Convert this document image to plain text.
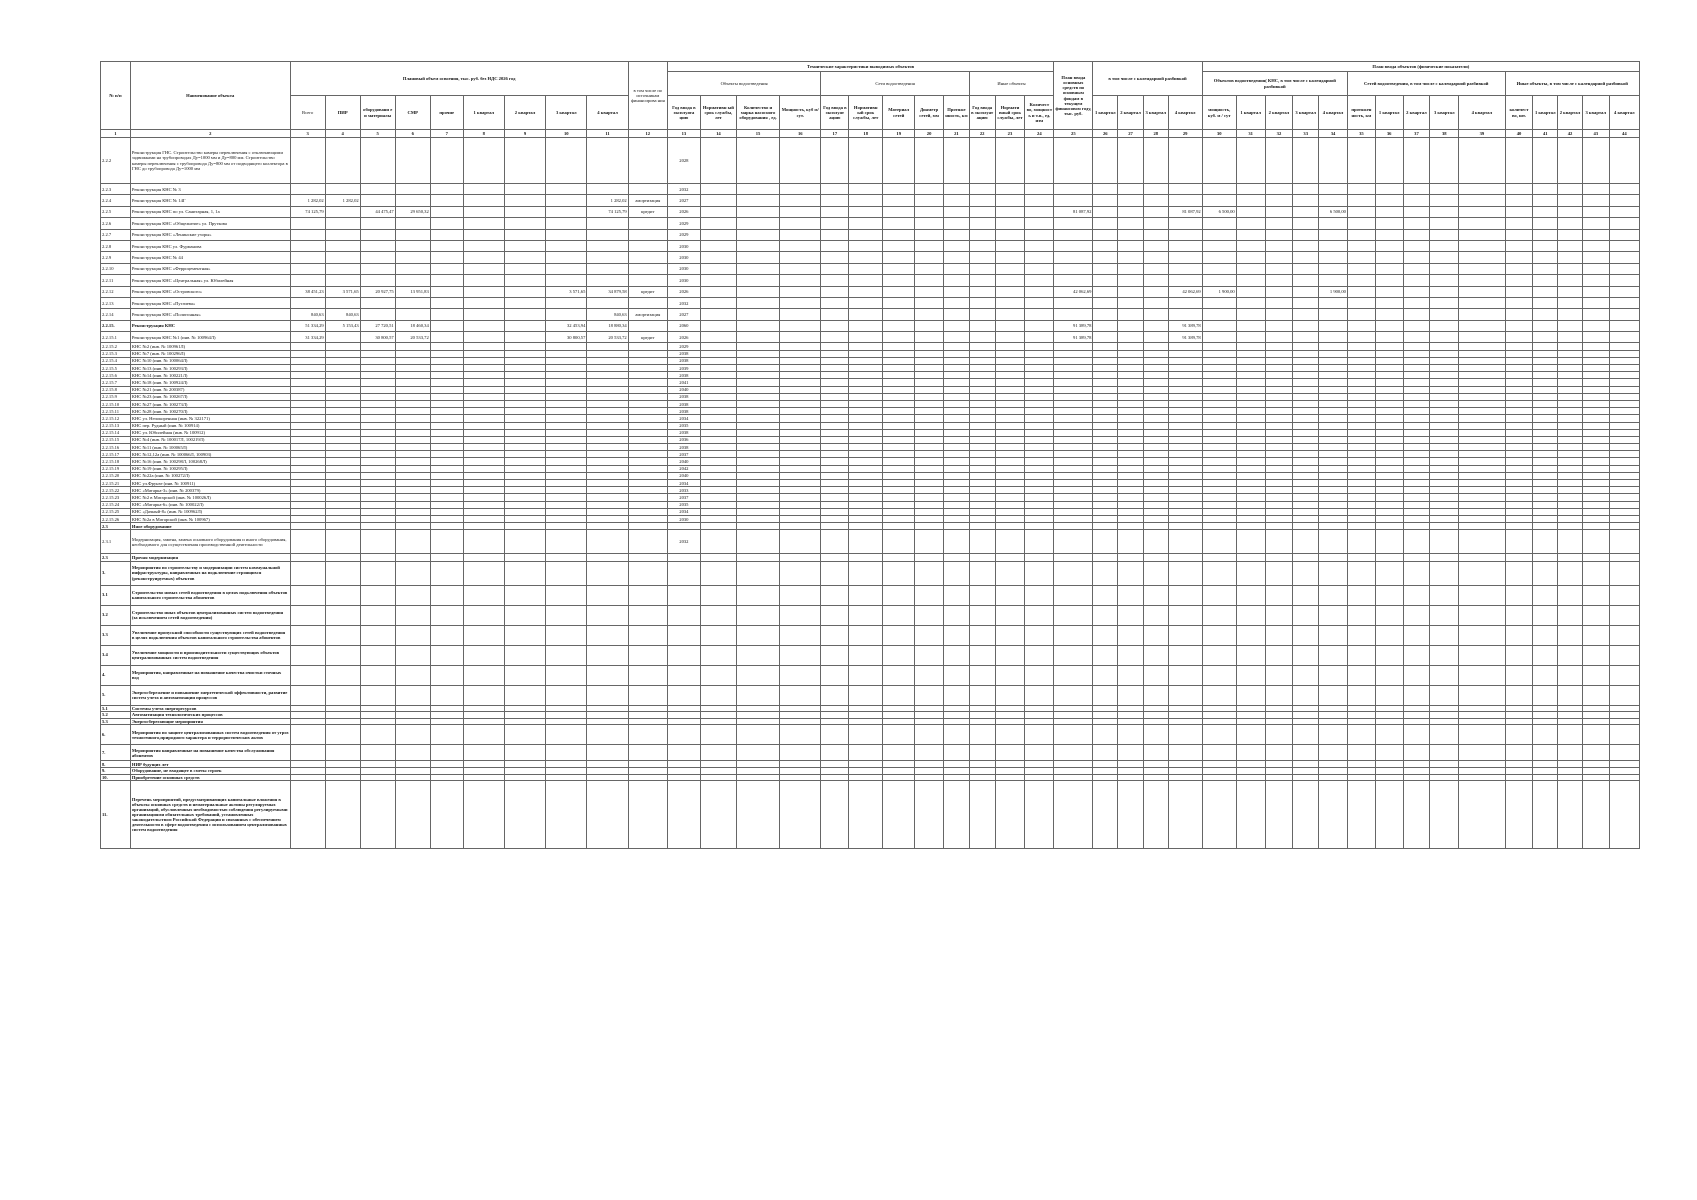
№ п/п	Наименование объекта	Плановый объем освоения, тыс. руб. без НДС 2026 год									в том числе по источникам финансирова ния	Технические характеристики выводимых объектов												План ввода основных средств по основным фондам в текущем финансовом году, тыс. руб.	в том числе с календарной разбивкой				План ввода объектов (физические показатели)														
												Объекты водоотведения				Сети водоотведения					Иные объекты								Объектов водоотведения( КНС, в том числе с календарной разбивкой					Сетей водоотведения, в том числе с календарной разбивкой					Иные объекты, в том числе с календарной разбивкой				
		Всего	ПИР	оборудовани е и материалы	СМР	прочие	1 квартал	2 квартал	3 квартал	4 квартал		Год ввода в эксплуата цию	Нормативн ый срок службы, лет	Количество и марка насосного оборудования , ед.	Мощность, куб м/ сут.	Год ввода в эксплуат ацию	Нормативн ый срок службы, лет	Материал сетей	Диаметр сетей, мм	Протяже нность, км	Год ввода в эксплуат ацию	Нормати вный срок службы, лет	Количест во, мощност ь и т.п., ед. изм		1 квартал	2 квартал	3 квартал	4 квартал	мощность, куб. м / сут	1 квартал	2 квартал	3 квартал	4 квартал	протяжен ность, км	1 квартал	2 квартал	3 квартал	4 квартал	количест во, шт.	1 квартал	2 квартал	3 квартал	4 квартал
1	2	3	4	5	6	7	8	9	10	11	12	13	14	15	16	17	18	19	20	21	22	23	24	25	26	27	28	29	30	31	32	33	34	35	36	37	38	39	40	41	42	43	44
2.2.2	Реконструкция ГНС. Строительство камеры переключения с отключающими задвижками на трубопроводах Ду=1000 мм и Ду=800 мм. Строительство камеры переключения с трубопровода Ду=800 мм от подводящего коллектора в ГНС до трубопровода Ду=1000 мм											2028																															
2.2.3	Реконструкция КНС № 3											2032																															
2.2.4	Реконструкция КНС № 14Г	1 282,02	1 282,02							1 282,02	амортизация	2027																															
2.2.5	Реконструкция КНС по ул. Санитарная, 1, 1а	74 125,79		44 475,47	29 650,32					74 125,79	кредит	2026												81 087,92				81 087,92	6 500,00				6 500,00										
2.2.6	Реконструкция КНС «Общежитие» ул. Пруткова											2029																															
2.2.7	Реконструкция КНС «Ленинские узоры»											2029																															
2.2.8	Реконструкция КНС ул. Фурманова											2030																															
2.2.9	Реконструкция КНС № 44											2030																															
2.2.10	Реконструкция КНС «Ферроцементная»											2030																															
2.2.11	Реконструкция КНС «Центральная» ул. Юбилейная											2030																															
2.2.12	Реконструкция КНС «Островского»	38 451,23	3 571,65	20 927,75	13 951,83				3 571,65	34 879,58	кредит	2026												42 062,69				42 062,69	1 900,00				1 900,00										
2.2.13	Реконструкция КНС «Пугачева»											2032																															
2.2.14	Реконструкция КНС «Полигонная»	840,63	840,63							840,63	амортизация	2027																															
2.2.15.	Реконструкция КНС	51 334,29	5 153,43	27 720,51	18 460,34				32 453,94	18 880,34		2060												91 389,78				91 389,78															
2.2.15.1	Реконструкция КНС №1 (инв. № 100964Л)	31 334,29		30 800,57	20 533,72				30 800,57	20 533,72	кредит	2026												91 389,78				91 389,78															
2.2.15.2	КНС №2 (инв. № 100961Л)											2029																															
2.2.15.3	КНС №7 (инв. № 100296Л)											2038																															
2.2.15.4	КНС №10 (инв. № 100064Л)											2038																															
2.2.15.5	КНС №13 (инв. № 100293Л)											2039																															
2.2.15.6	КНС №14 (инв. № 100221Л)											2038																															
2.2.15.7	КНС №18 (инв. № 100924Л)											2041																															
2.2.15.8	КНС №21 (инв. № 200387)											2040																															
2.2.15.9	КНС №23 (инв. № 100267Л)											2038																															
2.2.15.10	КНС №27 (инв. № 100273Л)											2038																															
2.2.15.11	КНС №28 (инв. № 100270Л)											2038																															
2.2.15.12	КНС ул. Непокоренная (инв. № 322171)											2034																															
2.2.15.13	КНС пер. Рудный (инв. № 100914)											2035																															
2.2.15.14	КНС ул. Юбилейная (инв. № 100912)											2038																															
2.2.15.15	КНС №4 (инв. № 100017Л, 100219Л)											2036																															
2.2.15.16	КНС №11 (инв. № 100065Л)											2038																															
2.2.15.17	КНС №12,12а (инв. № 100066Л, 100903)											2037																															
2.2.15.18	КНС №16 (инв. № 100298Л, 100268Л)											2040																															
2.2.15.19	КНС №19 (инв. № 100295Л)											2042																															
2.2.15.20	КНС №22а (инв. № 100272Л)											2040																															
2.2.15.21	КНС ул.Фрунзе (инв. № 100911)											2034																															
2.2.15.22	КНС «Матарка-3» (инв. № 200379)											2033																															
2.2.15.23	КНС №2 в Матарской (инв. № 100026Л)											2037																															
2.2.15.24	КНС «Матарка-6» (инв. № 100022Л)											2035																															
2.2.15.25	КНС «Дачный-8» (инв. № 100962Л)											2034																															
2.2.15.26	КНС №2а в Матарской (инв. № 100967)											2030																															
2.3	Иное оборудование																																										
2.3.1	Модернизация, замена, замена основного оборудования и иного оборудования, необходимого для осуществления производственной деятельности											2032																															
2.3	Прочая модернизация																																										
3.	Мероприятия по строительству и модернизации систем коммунальной инфраструктуры, направленных на подключение строящихся (реконструируемых) объектов																																										
3.1	Строительство новых сетей водоотведения в целях подключения объектов капитального строительства абонентов																																										
3.2	Строительство иных объектов централизованных систем водоотведения (за исключением сетей водоотведения)																																										
3.3	Увеличение пропускной способности существующих сетей водоотведения в целях подключения объектов капитального строительства абонентов																																										
3.4	Увеличение мощности и производительности существующих объектов централизованных систем водоотведения																																										
4.	Мероприятия, направленные на повышение качества очистки сточных вод																																										
5.	Энергосбережение и повышение энергетической эффективности, развитие систем учета и автоматизации процессов																																										
5.1	Системы учета энергоресурсов																																										
5.2	Автоматизация технологических процессов																																										
5.3	Энергосберегающие мероприятия																																										
6.	Мероприятия по защите централизованных систем водоотведения от угроз техногенного,природного характера и террористических актов																																										
7.	Мероприятия направленные на повышение качества обслуживания абонентов																																										
8.	НИР будущих лет																																										
9.	Оборудование, не входящее в сметы строек																																										
10.	Приобретение основных средств																																										
11.	Перечень мероприятий, предусматривающих капитальные вложения в объекты основных средств и нематериальные активы регулируемых организаций, обусловленных необходимостью соблюдения регулируемыми организациями обязательных требований, установленных законодательством Российской Федерации и связанных с обеспечением деятельности в сфере водоотведения с использованием централизованных систем водоотведения																																										
